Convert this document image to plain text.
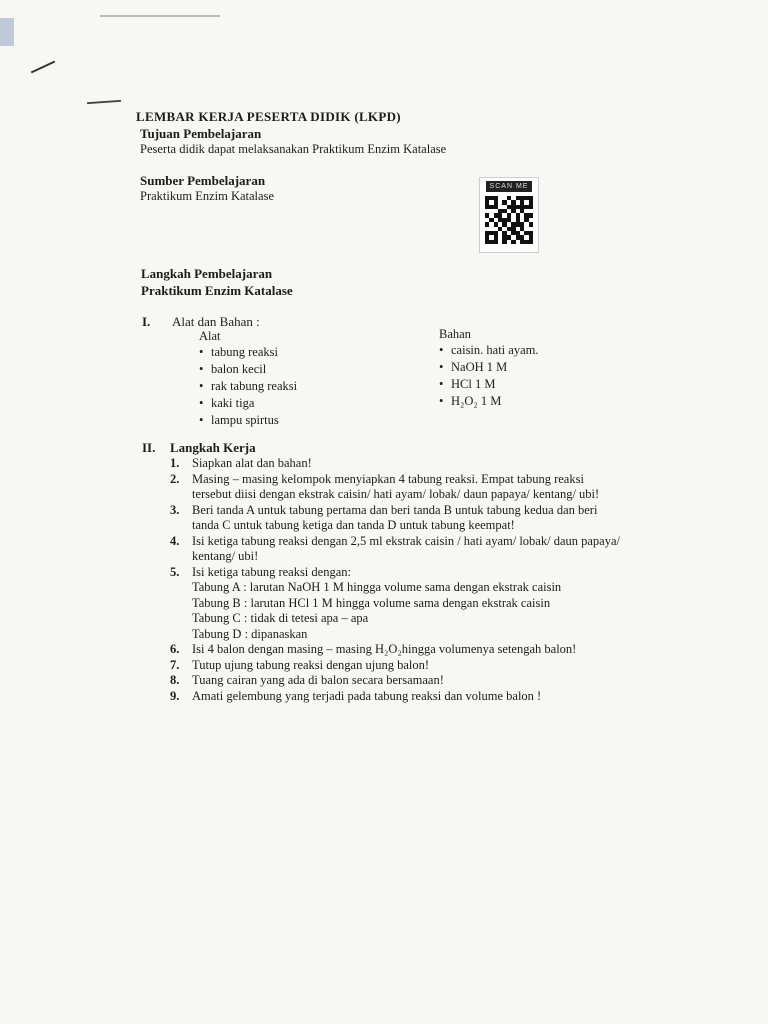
LEMBAR KERJA PESERTA DIDIK (LKPD)
Tujuan Pembelajaran
Peserta didik dapat melaksanakan Praktikum Enzim Katalase
Sumber Pembelajaran
Praktikum Enzim Katalase
SCAN ME
Langkah Pembelajaran
Praktikum Enzim Katalase
I. Alat dan Bahan :
Alat
• tabung reaksi
• balon kecil
• rak tabung reaksi
• kaki tiga
• lampu spirtus
Bahan
• caisin. hati ayam.
• NaOH 1 M
• HCl 1 M
• H₂O₂ 1 M
II. Langkah Kerja
1. Siapkan alat dan bahan!
2. Masing – masing kelompok menyiapkan 4 tabung reaksi. Empat tabung reaksi
tersebut diisi dengan ekstrak caisin/ hati ayam/ lobak/ daun papaya/ kentang/ ubi!
3. Beri tanda A untuk tabung pertama dan beri tanda B untuk tabung kedua dan beri
tanda C untuk tabung ketiga dan tanda D untuk tabung keempat!
4. Isi ketiga tabung reaksi dengan 2,5 ml ekstrak caisin / hati ayam/ lobak/ daun papaya/
kentang/ ubi!
5. Isi ketiga tabung reaksi dengan:
Tabung A : larutan NaOH 1 M hingga volume sama dengan ekstrak caisin
Tabung B : larutan HCl 1 M hingga volume sama dengan ekstrak caisin
Tabung C : tidak di tetesi apa – apa
Tabung D : dipanaskan
6. Isi 4 balon dengan masing – masing H₂O₂hingga volumenya setengah balon!
7. Tutup ujung tabung reaksi dengan ujung balon!
8. Tuang cairan yang ada di balon secara bersamaan!
9. Amati gelembung yang terjadi pada tabung reaksi dan volume balon !
